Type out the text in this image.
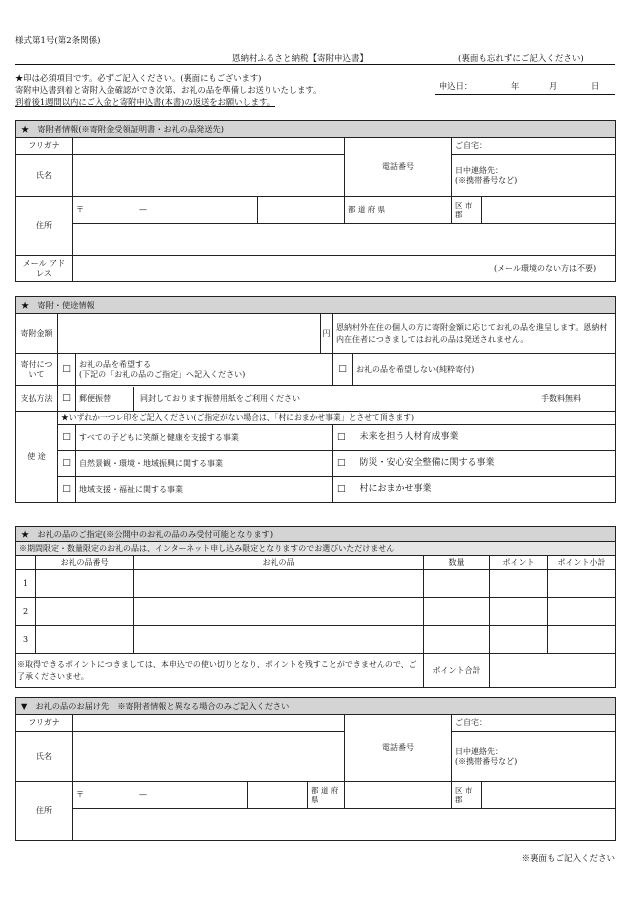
様式第1号(第2条関係)
恩納村ふるさと納税【寄附申込書】	(裏面も忘れずにご記入ください)
★印は必須項目です。必ずご記入ください。(裏面にもございます)
寄附申込書到着と寄附入金確認ができ次第、お礼の品を準備しお送りいたします。
到着後1週間以内にご入金と寄附申込書(本書)の返送をお願いします。
申込日：	年	月	日
★　寄附者情報(※寄附金受領証明書・お礼の品発送先)					
フリガナ			電話番号	ご自宅：	
氏名				日中連絡先：
(※携帯番号など)	

住所	〒 —		都 道 府 県	区 市 郡	

メール アドレス	(メール環境のない方は不要)				
★　寄附・使途情報					
寄附金額			円	恩納村外在住の個人の方に寄附金額に応じてお礼の品を進呈します。恩納村内在住者につきましてはお礼の品は発送されません。	
寄付について	□	お礼の品を希望する
(下記の「お礼の品のご指定」へ記入ください)		□	お礼の品を希望しない(純粋寄付)
支払方法	□	郵便振替 同封しております振替用紙をご利用ください 手数料無料			

使 途	★いずれか一つレ印をご記入ください(ご指定がない場合は、「村におまかせ事業」とさせて頂きます)				
	□	すべての子どもに笑顔と健康を支援する事業		□ 未来を担う人材育成事業	
	□	自然景観・環境・地域振興に関する事業		□ 防災・安心安全整備に関する事業	
	□	地域支援・福祉に関する事業		□ 村におまかせ事業	
★　お礼の品のご指定(※公開中のお礼の品のみ受付可能となります)					
※期間限定・数量限定のお礼の品は、インターネット申し込み限定となりますのでお選びいただけません					
	お礼の品番号	お礼の品	数量	ポイント	ポイント小計
1					
2					
3					
※取得できるポイントにつきましては、本申込での使い切りとなり、ポイントを残すことができませんので、ご了承くださいませ。			ポイント合計		
▼　お礼の品のお届け先　※寄附者情報と異なる場合のみご記入ください						
フリガナ				電話番号	ご自宅：	
氏名					日中連絡先：
(※携帯番号など)	

住所	〒 —		都 道 府 県		区 市 郡	

※裏面もご記入ください
